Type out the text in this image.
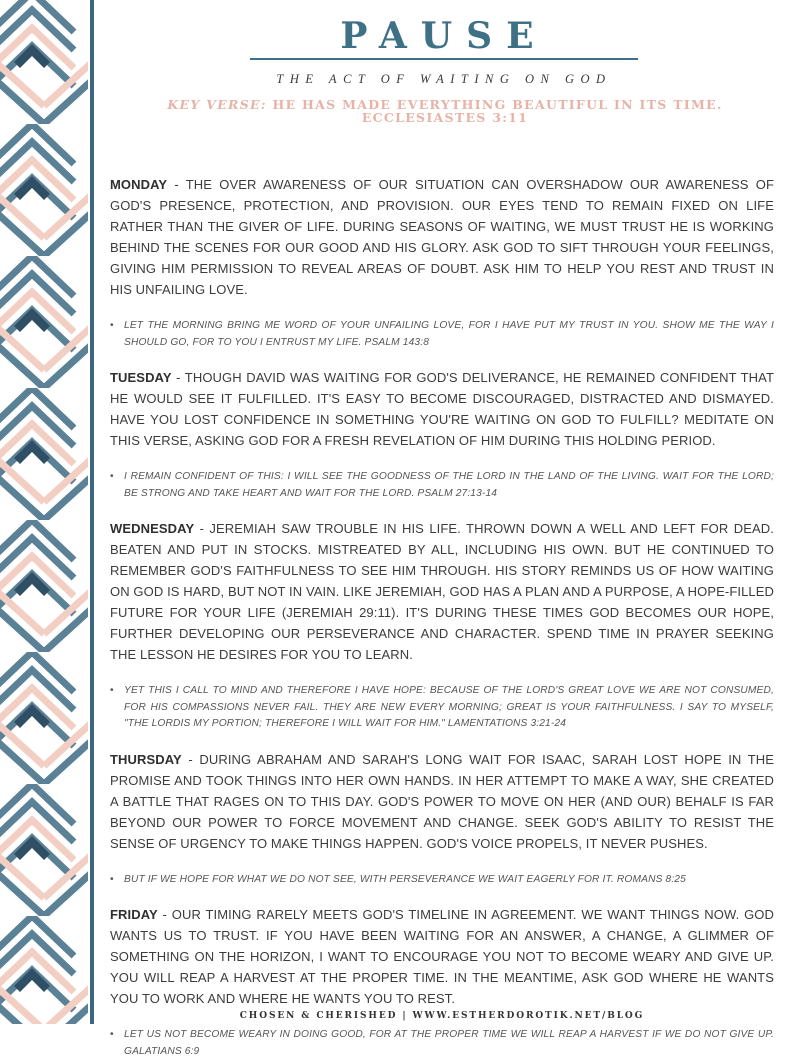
PAUSE
THE ACT OF WAITING ON GOD
KEY VERSE: HE HAS MADE EVERYTHING BEAUTIFUL IN ITS TIME. ECCLESIASTES 3:11

MONDAY - THE OVER AWARENESS OF OUR SITUATION CAN OVERSHADOW OUR AWARENESS OF GOD'S PRESENCE, PROTECTION, AND PROVISION. OUR EYES TEND TO REMAIN FIXED ON LIFE RATHER THAN THE GIVER OF LIFE. DURING SEASONS OF WAITING, WE MUST TRUST HE IS WORKING BEHIND THE SCENES FOR OUR GOOD AND HIS GLORY. ASK GOD TO SIFT THROUGH YOUR FEELINGS, GIVING HIM PERMISSION TO REVEAL AREAS OF DOUBT. ASK HIM TO HELP YOU REST AND TRUST IN HIS UNFAILING LOVE.

• LET THE MORNING BRING ME WORD OF YOUR UNFAILING LOVE, FOR I HAVE PUT MY TRUST IN YOU. SHOW ME THE WAY I SHOULD GO, FOR TO YOU I ENTRUST MY LIFE. PSALM 143:8

TUESDAY - THOUGH DAVID WAS WAITING FOR GOD'S DELIVERANCE, HE REMAINED CONFIDENT THAT HE WOULD SEE IT FULFILLED. IT'S EASY TO BECOME DISCOURAGED, DISTRACTED AND DISMAYED. HAVE YOU LOST CONFIDENCE IN SOMETHING YOU'RE WAITING ON GOD TO FULFILL? MEDITATE ON THIS VERSE, ASKING GOD FOR A FRESH REVELATION OF HIM DURING THIS HOLDING PERIOD.

• I REMAIN CONFIDENT OF THIS: I WILL SEE THE GOODNESS OF THE LORD IN THE LAND OF THE LIVING. WAIT FOR THE LORD; BE STRONG AND TAKE HEART AND WAIT FOR THE LORD. PSALM 27:13-14

WEDNESDAY - JEREMIAH SAW TROUBLE IN HIS LIFE. THROWN DOWN A WELL AND LEFT FOR DEAD. BEATEN AND PUT IN STOCKS. MISTREATED BY ALL, INCLUDING HIS OWN. BUT HE CONTINUED TO REMEMBER GOD'S FAITHFULNESS TO SEE HIM THROUGH. HIS STORY REMINDS US OF HOW WAITING ON GOD IS HARD, BUT NOT IN VAIN. LIKE JEREMIAH, GOD HAS A PLAN AND A PURPOSE, A HOPE-FILLED FUTURE FOR YOUR LIFE (JEREMIAH 29:11). IT'S DURING THESE TIMES GOD BECOMES OUR HOPE, FURTHER DEVELOPING OUR PERSEVERANCE AND CHARACTER. SPEND TIME IN PRAYER SEEKING THE LESSON HE DESIRES FOR YOU TO LEARN.

• YET THIS I CALL TO MIND AND THEREFORE I HAVE HOPE: BECAUSE OF THE LORD'S GREAT LOVE WE ARE NOT CONSUMED, FOR HIS COMPASSIONS NEVER FAIL. THEY ARE NEW EVERY MORNING; GREAT IS YOUR FAITHFULNESS. I SAY TO MYSELF, "THE LORDIS MY PORTION; THEREFORE I WILL WAIT FOR HIM." LAMENTATIONS 3:21-24

THURSDAY - DURING ABRAHAM AND SARAH'S LONG WAIT FOR ISAAC, SARAH LOST HOPE IN THE PROMISE AND TOOK THINGS INTO HER OWN HANDS. IN HER ATTEMPT TO MAKE A WAY, SHE CREATED A BATTLE THAT RAGES ON TO THIS DAY. GOD'S POWER TO MOVE ON HER (AND OUR) BEHALF IS FAR BEYOND OUR POWER TO FORCE MOVEMENT AND CHANGE. SEEK GOD'S ABILITY TO RESIST THE SENSE OF URGENCY TO MAKE THINGS HAPPEN. GOD'S VOICE PROPELS, IT NEVER PUSHES.

• BUT IF WE HOPE FOR WHAT WE DO NOT SEE, WITH PERSEVERANCE WE WAIT EAGERLY FOR IT. ROMANS 8:25

FRIDAY - OUR TIMING RARELY MEETS GOD'S TIMELINE IN AGREEMENT. WE WANT THINGS NOW. GOD WANTS US TO TRUST. IF YOU HAVE BEEN WAITING FOR AN ANSWER, A CHANGE, A GLIMMER OF SOMETHING ON THE HORIZON, I WANT TO ENCOURAGE YOU NOT TO BECOME WEARY AND GIVE UP. YOU WILL REAP A HARVEST AT THE PROPER TIME. IN THE MEANTIME, ASK GOD WHERE HE WANTS YOU TO WORK AND WHERE HE WANTS YOU TO REST.

• LET US NOT BECOME WEARY IN DOING GOOD, FOR AT THE PROPER TIME WE WILL REAP A HARVEST IF WE DO NOT GIVE UP. GALATIANS 6:9

CHOSEN & CHERISHED | WWW.ESTHERDOROTIK.NET/BLOG
